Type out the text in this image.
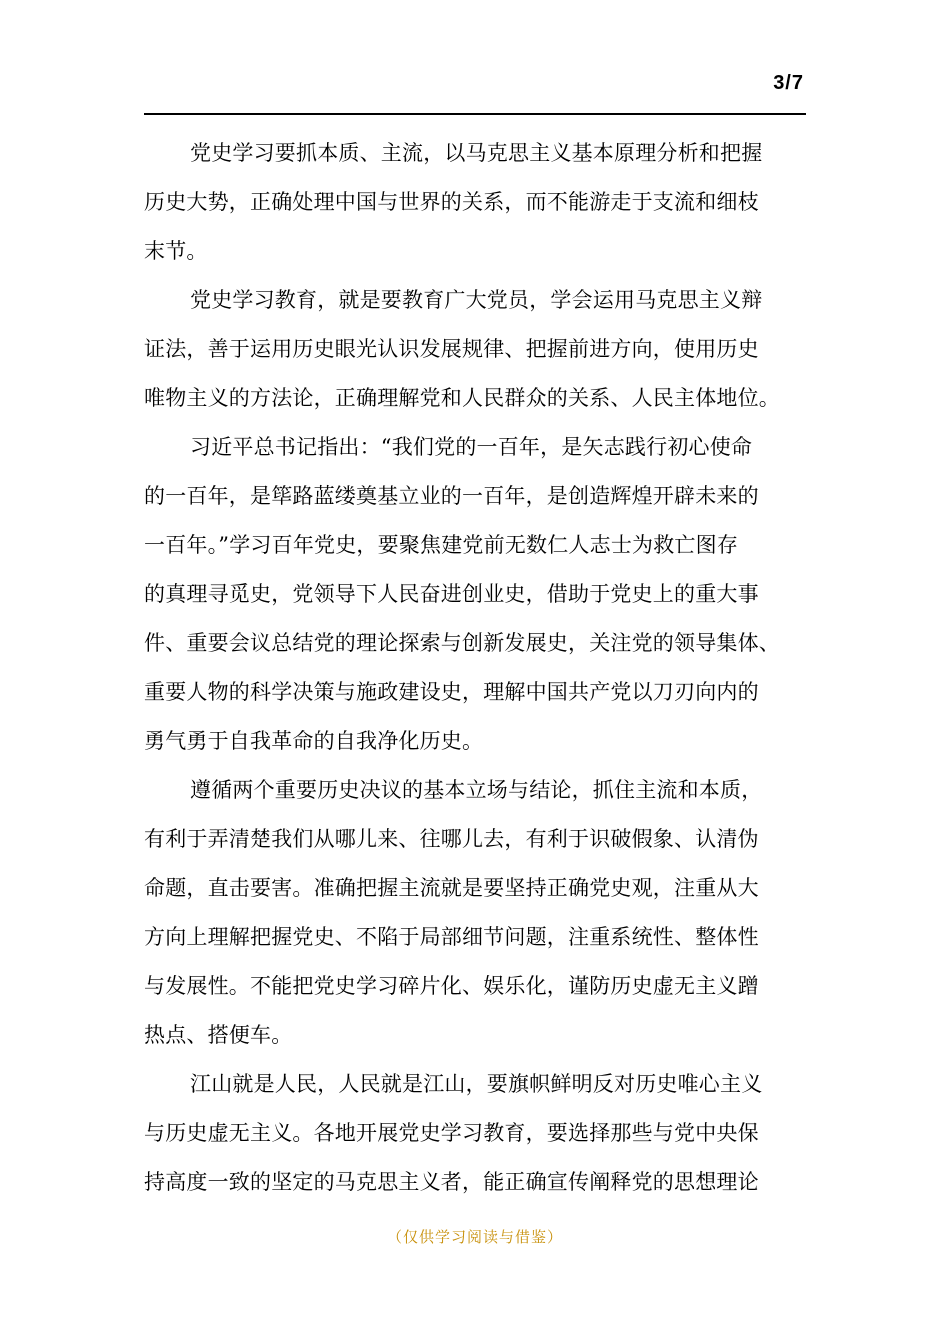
3/7

党史学习要抓本质、主流，以马克思主义基本原理分析和把握
历史大势，正确处理中国与世界的关系，而不能游走于支流和细枝
末节。

党史学习教育，就是要教育广大党员，学会运用马克思主义辩
证法，善于运用历史眼光认识发展规律、把握前进方向，使用历史
唯物主义的方法论，正确理解党和人民群众的关系、人民主体地位。

习近平总书记指出：“我们党的一百年，是矢志践行初心使命
的一百年，是筚路蓝缕奠基立业的一百年，是创造辉煌开辟未来的
一百年。”学习百年党史，要聚焦建党前无数仁人志士为救亡图存
的真理寻觅史，党领导下人民奋进创业史，借助于党史上的重大事
件、重要会议总结党的理论探索与创新发展史，关注党的领导集体、
重要人物的科学决策与施政建设史，理解中国共产党以刀刃向内的
勇气勇于自我革命的自我净化历史。

遵循两个重要历史决议的基本立场与结论，抓住主流和本质，
有利于弄清楚我们从哪儿来、往哪儿去，有利于识破假象、认清伪
命题，直击要害。准确把握主流就是要坚持正确党史观，注重从大
方向上理解把握党史、不陷于局部细节问题，注重系统性、整体性
与发展性。不能把党史学习碎片化、娱乐化，谨防历史虚无主义蹭
热点、搭便车。

江山就是人民，人民就是江山，要旗帜鲜明反对历史唯心主义
与历史虚无主义。各地开展党史学习教育，要选择那些与党中央保
持高度一致的坚定的马克思主义者，能正确宣传阐释党的思想理论

（仅供学习阅读与借鉴）
